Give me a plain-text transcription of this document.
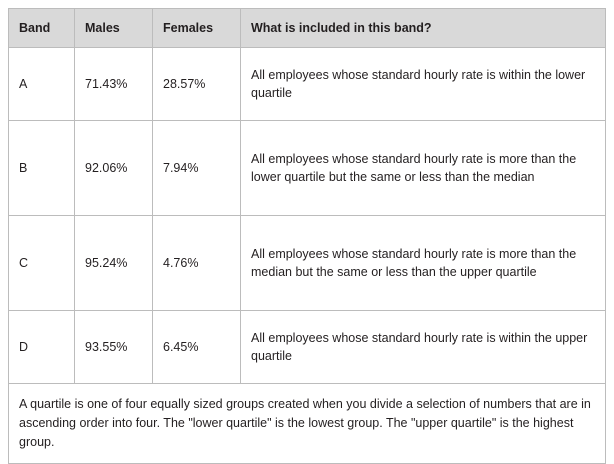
Band	Males	Females	What is included in this band?
A	71.43%	28.57%	All employees whose standard hourly rate is within the lower quartile
B	92.06%	7.94%	All employees whose standard hourly rate is more than the lower quartile but the same or less than the median
C	95.24%	4.76%	All employees whose standard hourly rate is more than the median but the same or less than the upper quartile
D	93.55%	6.45%	All employees whose standard hourly rate is within the upper quartile
A quartile is one of four equally sized groups created when you divide a selection of numbers that are in ascending order into four. The "lower quartile" is the lowest group. The "upper quartile" is the highest group.			
